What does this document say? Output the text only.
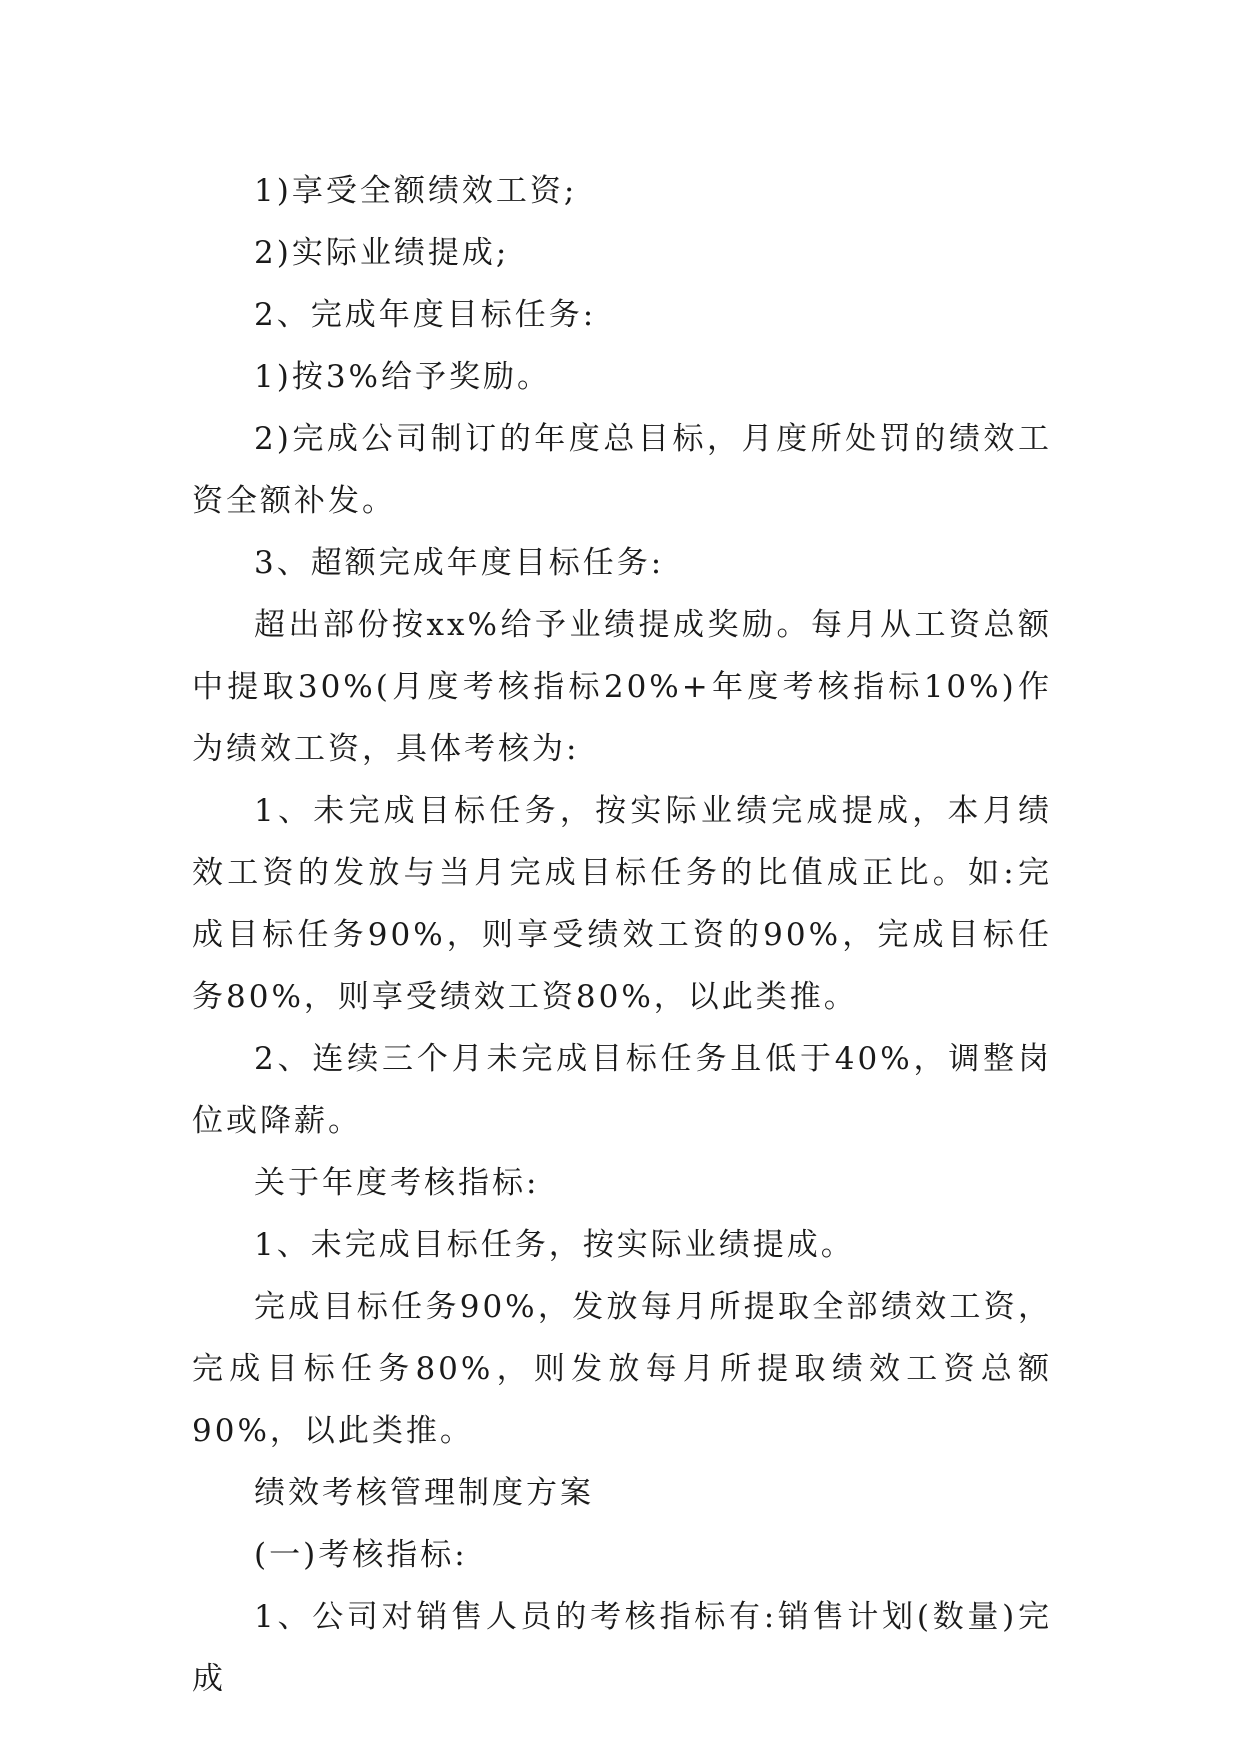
1)享受全额绩效工资;

2)实际业绩提成;

2、完成年度目标任务:

1)按3%给予奖励。

2)完成公司制订的年度总目标，月度所处罚的绩效工资全额补发。

3、超额完成年度目标任务:

超出部份按xx%给予业绩提成奖励。每月从工资总额中提取30%(月度考核指标20%+年度考核指标10%)作为绩效工资，具体考核为:

1、未完成目标任务，按实际业绩完成提成，本月绩效工资的发放与当月完成目标任务的比值成正比。如:完成目标任务90%，则享受绩效工资的90%，完成目标任务80%，则享受绩效工资80%，以此类推。

2、连续三个月未完成目标任务且低于40%，调整岗位或降薪。

关于年度考核指标:

1、未完成目标任务，按实际业绩提成。

完成目标任务90%，发放每月所提取全部绩效工资，完成目标任务80%，则发放每月所提取绩效工资总额90%，以此类推。

绩效考核管理制度方案

(一)考核指标:

1、公司对销售人员的考核指标有:销售计划(数量)完成
